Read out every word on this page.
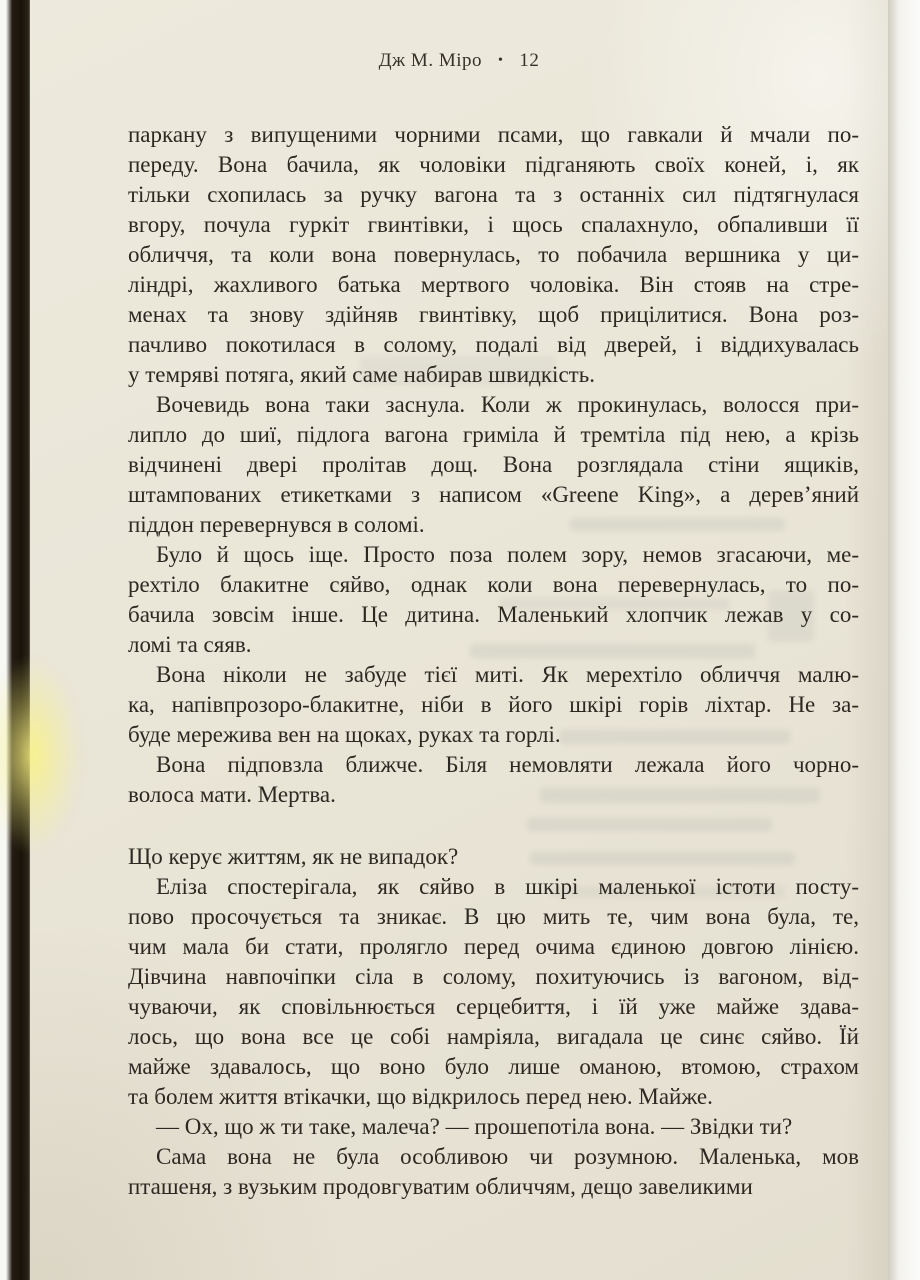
Дж М. Міро • 12
паркану з випущеними чорними псами, що гавкали й мчали по-
переду. Вона бачила, як чоловіки підганяють своїх коней, і, як
тільки схопилась за ручку вагона та з останніх сил підтягнулася
вгору, почула гуркіт гвинтівки, і щось спалахнуло, обпаливши її
обличчя, та коли вона повернулась, то побачила вершника у ци-
ліндрі, жахливого батька мертвого чоловіка. Він стояв на стре-
менах та знову здійняв гвинтівку, щоб прицілитися. Вона роз-
пачливо покотилася в солому, подалі від дверей, і віддихувалась
у темряві потяга, який саме набирав швидкість.
Вочевидь вона таки заснула. Коли ж прокинулась, волосся при-
липло до шиї, підлога вагона гриміла й тремтіла під нею, а крізь
відчинені двері пролітав дощ. Вона розглядала стіни ящиків,
штампованих етикетками з написом «Greene King», а дерев’яний
піддон перевернувся в соломі.
Було й щось іще. Просто поза полем зору, немов згасаючи, ме-
рехтіло блакитне сяйво, однак коли вона перевернулась, то по-
бачила зовсім інше. Це дитина. Маленький хлопчик лежав у со-
ломі та сяяв.
Вона ніколи не забуде тієї миті. Як мерехтіло обличчя малю-
ка, напівпрозоро-блакитне, ніби в його шкірі горів ліхтар. Не за-
буде мережива вен на щоках, руках та горлі.
Вона підповзла ближче. Біля немовляти лежала його чорно-
волоса мати. Мертва.
Що керує життям, як не випадок?
Еліза спостерігала, як сяйво в шкірі маленької істоти посту-
пово просочується та зникає. В цю мить те, чим вона була, те,
чим мала би стати, пролягло перед очима єдиною довгою лінією.
Дівчина навпочіпки сіла в солому, похитуючись із вагоном, від-
чуваючи, як сповільнюється серцебиття, і їй уже майже здава-
лось, що вона все це собі намріяла, вигадала це синє сяйво. Їй
майже здавалось, що воно було лише оманою, втомою, страхом
та болем життя втікачки, що відкрилось перед нею. Майже.
— Ох, що ж ти таке, малеча? — прошепотіла вона. — Звідки ти?
Сама вона не була особливою чи розумною. Маленька, мов
пташеня, з вузьким продовгуватим обличчям, дещо завеликими
